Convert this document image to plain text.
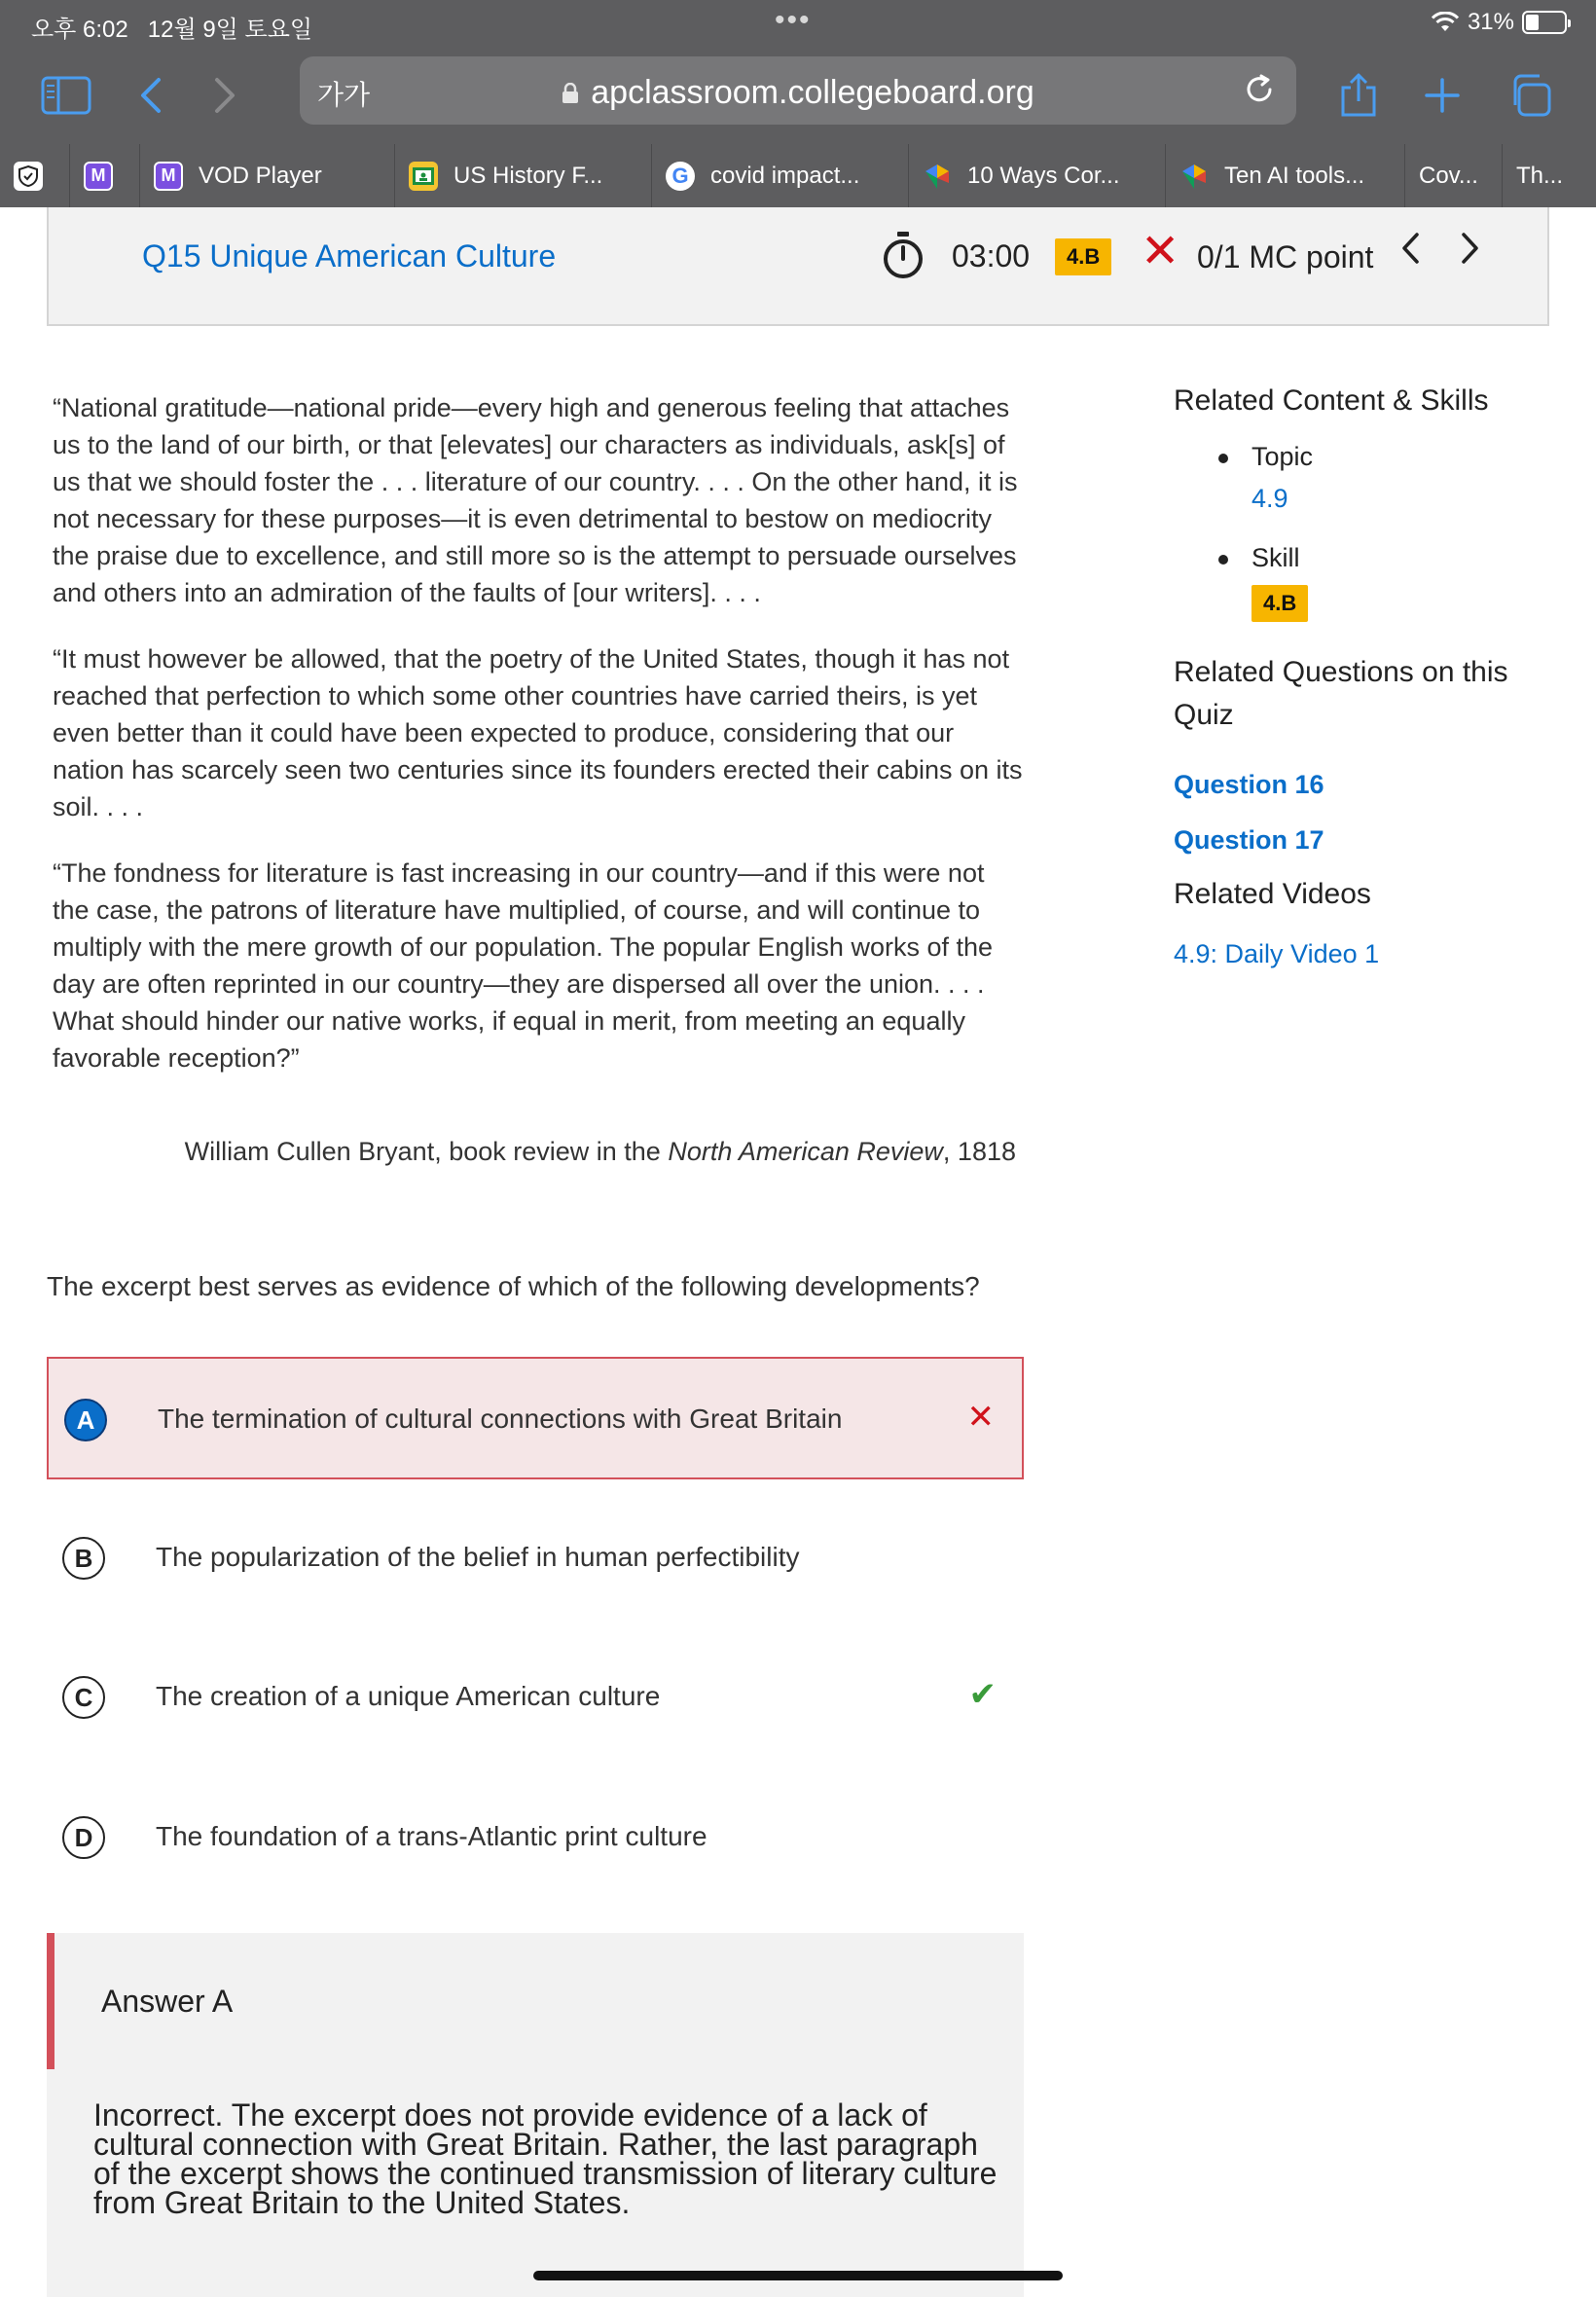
오후 6:02 12월 9일 토요일	•••	31%
가가	apclassroom.collegeboard.org
M	M VOD Player	US History F...	G covid impact...	10 Ways Cor...	Ten AI tools... Cov... Th...
Q15 Unique American Culture	03:00	4.B ✕ 0/1 MC point

“National gratitude—national pride—every high and generous feeling that attaches us to the land of our birth, or that [elevates] our characters as individuals, ask[s] of us that we should foster the . . . literature of our country. . . . On the other hand, it is not necessary for these purposes—it is even detrimental to bestow on mediocrity the praise due to excellence, and still more so is the attempt to persuade ourselves and others into an admiration of the faults of [our writers]. . . .

“It must however be allowed, that the poetry of the United States, though it has not reached that perfection to which some other countries have carried theirs, is yet even better than it could have been expected to produce, considering that our nation has scarcely seen two centuries since its founders erected their cabins on its soil. . . .

“The fondness for literature is fast increasing in our country—and if this were not the case, the patrons of literature have multiplied, of course, and will continue to multiply with the mere growth of our population. The popular English works of the day are often reprinted in our country—they are dispersed all over the union. . . . What should hinder our native works, if equal in merit, from meeting an equally favorable reception?”

William Cullen Bryant, book review in the North American Review, 1818
The excerpt best serves as evidence of which of the following developments?
A	The termination of cultural connections with Great Britain	✕
B	The popularization of the belief in human perfectibility
C	The creation of a unique American culture	✔
D	The foundation of a trans-Atlantic print culture
Answer A
Incorrect. The excerpt does not provide evidence of a lack of cultural connection with Great Britain. Rather, the last paragraph of the excerpt shows the continued transmission of literary culture from Great Britain to the United States.
Related Content & Skills
Topic
4.9
Skill
4.B
Related Questions on this Quiz
Question 16
Question 17
Related Videos
4.9: Daily Video 1
